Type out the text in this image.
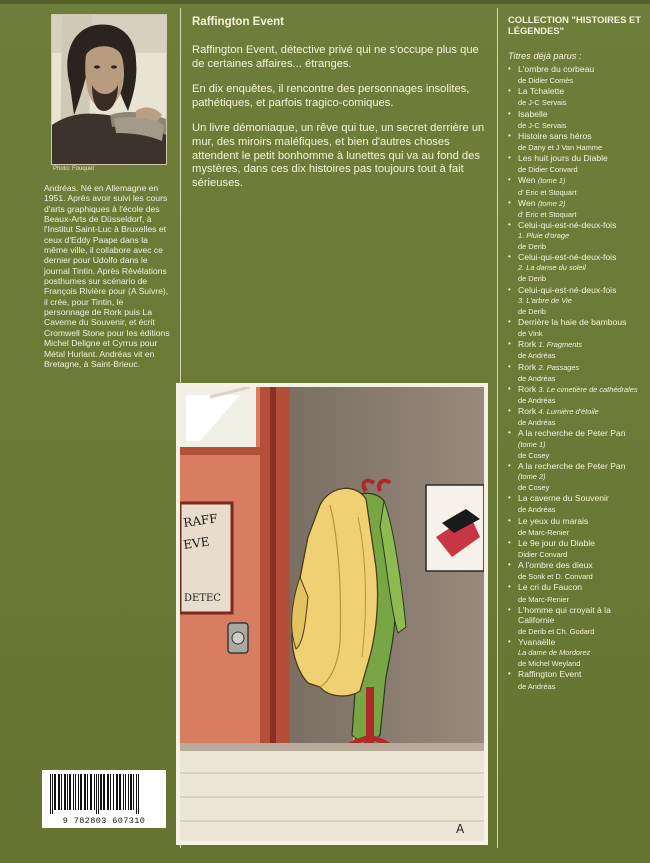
Photo: Fouquet

Andréas. Né en Allemagne en 1951. Après avoir suivi les cours d'arts graphiques à l'école des Beaux-Arts de Düsseldorf, à l'Institut Saint-Luc à Bruxelles et ceux d'Eddy Paape dans la même ville, il collabore avec ce dernier pour Udolfo dans le journal Tintin. Après Révélations posthumes sur scénario de François Rivière pour (A Suivre), il crée, pour Tintin, le personnage de Rork puis La Caverne du Souvenir, et écrit Cromwell Stone pour les éditions Michel Deligne et Cyrrus pour Métal Hurlant. Andréas vit en Bretagne, à Saint-Brieuc.

9 782803 607310
Raffington Event

Raffington Event, détective privé qui ne s'occupe plus que de certaines affaires... étranges.

En dix enquêtes, il rencontre des personnages insolites, pathétiques, et parfois tragico-comiques.

Un livre démoniaque, un rêve qui tue, un secret derrière un mur, des miroirs maléfiques, et bien d'autres choses attendent le petit bonhomme à lunettes qui va au fond des mystères, dans ces dix histoires pas toujours tout à fait sérieuses.

RAFF
EVE
DETEC
A
COLLECTION "HISTOIRES ET LÉGENDES"
Titres déjà parus :
• L'ombre du corbeau
de Didier Comès
• La Tchalette
de J-C Servais
• Isabelle
de J-C Servais
• Histoire sans héros
de Dany et J Van Hamme
• Les huit jours du Diable
de Didier Convard
• Wen (tome 1)
d' Eric et Stoquart
• Wen (tome 2)
d' Eric et Stoquart
• Celui-qui-est-né-deux-fois
1. Pluie d'orage
de Derib
• Celui-qui-est-né-deux-fois
2. La danse du soleil
de Derib
• Celui-qui-est-né-deux-fois
3. L'arbre de Vie
de Derib
• Derrière la haie de bambous
de Vink
• Rork 1. Fragments
de Andréas
• Rork 2. Passages
de Andréas
• Rork 3. Le cimetière de cathédrales
de Andréas
• Rork 4. Lumière d'étoile
de Andréas
• A la recherche de Peter Pan (tome 1)
de Cosey
• A la recherche de Peter Pan (tome 2)
de Cosey
• La caverne du Souvenir
de Andréas
• Le yeux du marais
de Marc-Renier
• Le 9e jour du Diable
Didier Convard
• A l'ombre des dieux
de Sonk et D. Convard
• Le cri du Faucon
de Marc-Renier
• L'homme qui croyait à la Californie
de Derib et Ch. Godard
• Yvanaëlle
La dame de Mordorez
de Michel Weyland
• Raffington Event
de Andréas
